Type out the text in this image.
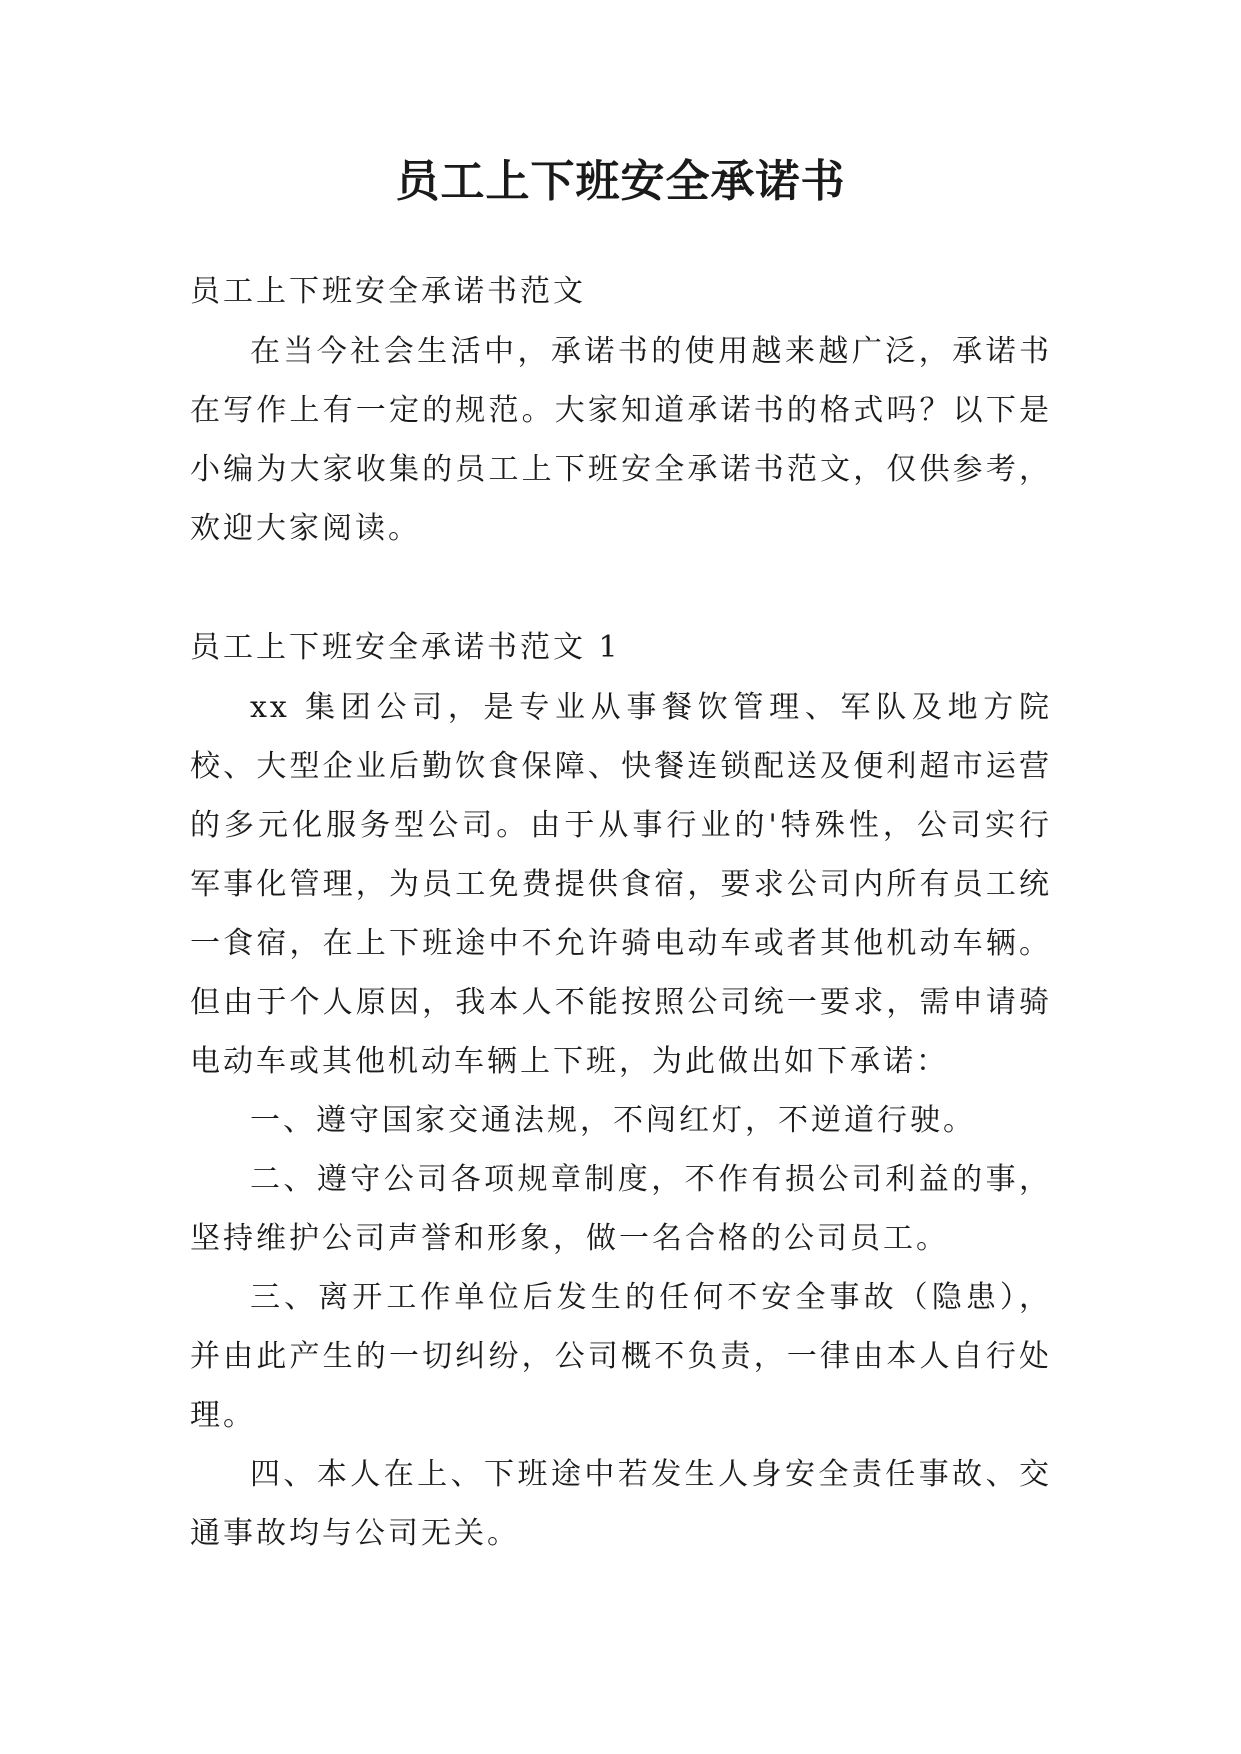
员工上下班安全承诺书
员工上下班安全承诺书范文
在当今社会生活中，承诺书的使用越来越广泛，承诺书在写作上有一定的规范。大家知道承诺书的格式吗？以下是小编为大家收集的员工上下班安全承诺书范文，仅供参考，欢迎大家阅读。
员工上下班安全承诺书范文 1
xx 集团公司，是专业从事餐饮管理、军队及地方院校、大型企业后勤饮食保障、快餐连锁配送及便利超市运营的多元化服务型公司。由于从事行业的'特殊性，公司实行军事化管理，为员工免费提供食宿，要求公司内所有员工统一食宿，在上下班途中不允许骑电动车或者其他机动车辆。但由于个人原因，我本人不能按照公司统一要求，需申请骑电动车或其他机动车辆上下班，为此做出如下承诺：
一、遵守国家交通法规，不闯红灯，不逆道行驶。
二、遵守公司各项规章制度，不作有损公司利益的事，坚持维护公司声誉和形象，做一名合格的公司员工。
三、离开工作单位后发生的任何不安全事故（隐患），并由此产生的一切纠纷，公司概不负责，一律由本人自行处理。
四、本人在上、下班途中若发生人身安全责任事故、交通事故均与公司无关。
